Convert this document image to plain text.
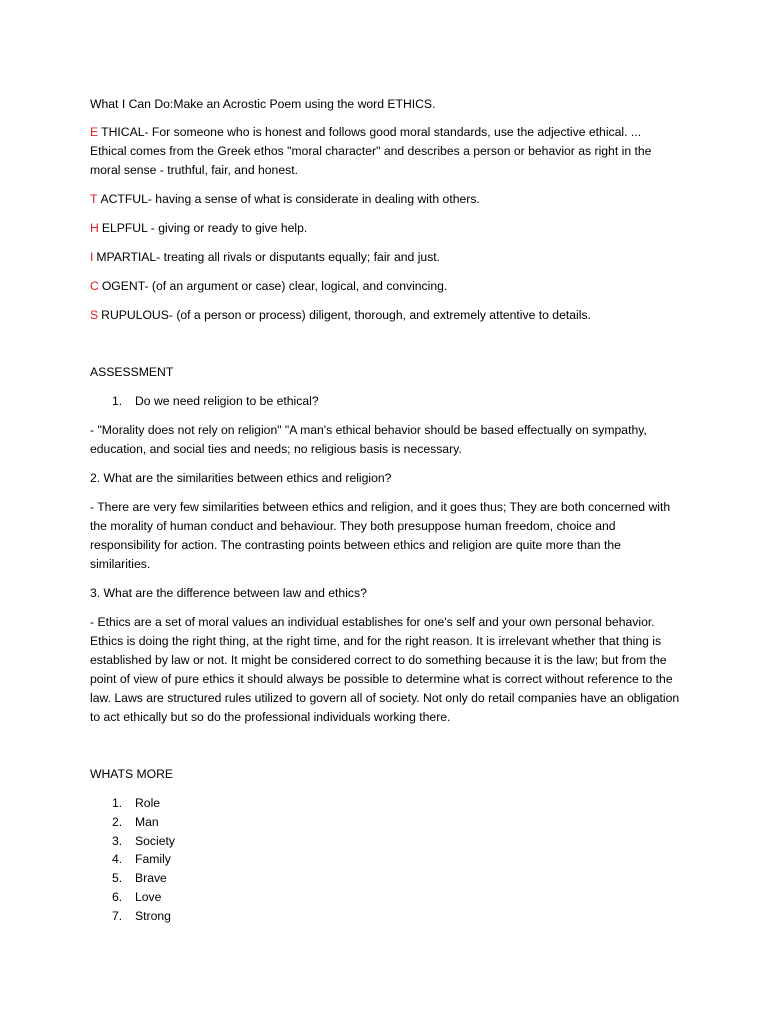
What I Can Do:Make an Acrostic Poem using the word ETHICS.

E THICAL- For someone who is honest and follows good moral standards, use the adjective ethical. ... Ethical comes from the Greek ethos "moral character" and describes a person or behavior as right in the moral sense - truthful, fair, and honest.

T ACTFUL- having a sense of what is considerate in dealing with others.

H ELPFUL - giving or ready to give help.

I MPARTIAL- treating all rivals or disputants equally; fair and just.

C OGENT- (of an argument or case) clear, logical, and convincing.

S RUPULOUS- (of a person or process) diligent, thorough, and extremely attentive to details.

ASSESSMENT

1.	Do we need religion to be ethical?

- "Morality does not rely on religion" "A man's ethical behavior should be based effectually on sympathy, education, and social ties and needs; no religious basis is necessary.

2. What are the similarities between ethics and religion?

- There are very few similarities between ethics and religion, and it goes thus; They are both concerned with the morality of human conduct and behaviour. They both presuppose human freedom, choice and responsibility for action. The contrasting points between ethics and religion are quite more than the similarities.

3. What are the difference between law and ethics?

- Ethics are a set of moral values an individual establishes for one's self and your own personal behavior. Ethics is doing the right thing, at the right time, and for the right reason. It is irrelevant whether that thing is established by law or not. It might be considered correct to do something because it is the law; but from the point of view of pure ethics it should always be possible to determine what is correct without reference to the law. Laws are structured rules utilized to govern all of society. Not only do retail companies have an obligation to act ethically but so do the professional individuals working there.

WHATS MORE

1.	Role
2.	Man
3.	Society
4.	Family
5.	Brave
6.	Love
7.	Strong
